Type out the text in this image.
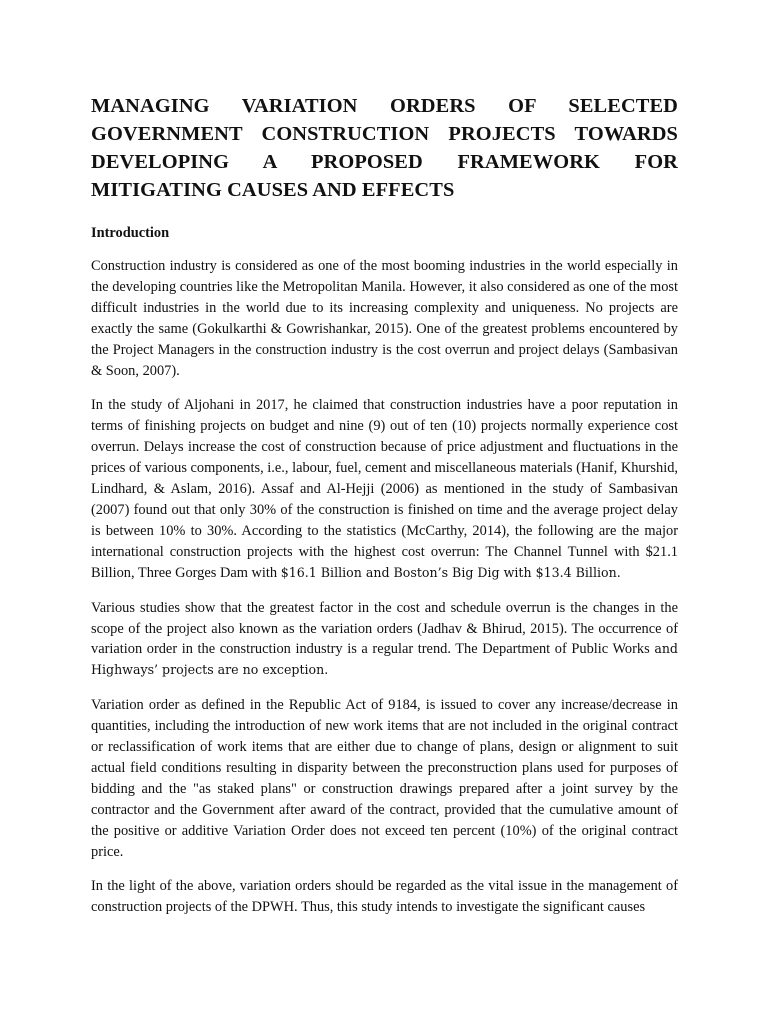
MANAGING VARIATION ORDERS OF SELECTED
GOVERNMENT CONSTRUCTION PROJECTS TOWARDS
DEVELOPING A PROPOSED FRAMEWORK FOR
MITIGATING CAUSES AND EFFECTS
Introduction

Construction industry is considered as one of the most booming industries in the world especially in the developing countries like the Metropolitan Manila. However, it also considered as one of the most difficult industries in the world due to its increasing complexity and uniqueness. No projects are exactly the same (Gokulkarthi & Gowrishankar, 2015). One of the greatest problems encountered by the Project Managers in the construction industry is the cost overrun and project delays (Sambasivan & Soon, 2007).

In the study of Aljohani in 2017, he claimed that construction industries have a poor reputation in terms of finishing projects on budget and nine (9) out of ten (10) projects normally experience cost overrun. Delays increase the cost of construction because of price adjustment and fluctuations in the prices of various components, i.e., labour, fuel, cement and miscellaneous materials (Hanif, Khurshid, Lindhard, & Aslam, 2016). Assaf and Al-Hejji (2006) as mentioned in the study of Sambasivan (2007) found out that only 30% of the construction is finished on time and the average project delay is between 10% to 30%. According to the statistics (McCarthy, 2014), the following are the major international construction projects with the highest cost overrun: The Channel Tunnel with $21.1 Billion, Three Gorges Dam with $16.1 Billion and Boston’s Big Dig with $13.4 Billion.

Various studies show that the greatest factor in the cost and schedule overrun is the changes in the scope of the project also known as the variation orders (Jadhav & Bhirud, 2015). The occurrence of variation order in the construction industry is a regular trend. The Department of Public Works and Highways’ projects are no exception.

Variation order as defined in the Republic Act of 9184, is issued to cover any increase/decrease in quantities, including the introduction of new work items that are not included in the original contract or reclassification of work items that are either due to change of plans, design or alignment to suit actual field conditions resulting in disparity between the preconstruction plans used for purposes of bidding and the "as staked plans" or construction drawings prepared after a joint survey by the contractor and the Government after award of the contract, provided that the cumulative amount of the positive or additive Variation Order does not exceed ten percent (10%) of the original contract price.

In the light of the above, variation orders should be regarded as the vital issue in the management of construction projects of the DPWH. Thus, this study intends to investigate the significant causes
